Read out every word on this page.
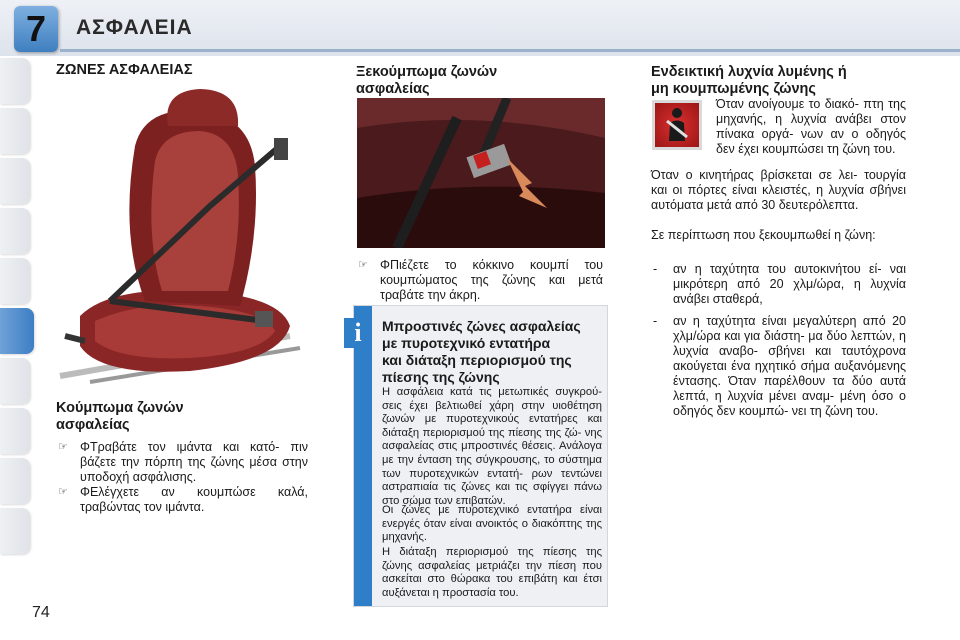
7	ΑΣΦΑΛΕΙΑ
ΖΩΝΕΣ ΑΣΦΑΛΕΙΑΣ
Κούμπωμα ζωνών
ασφαλείας
☞ ΦΤραβάτε τον ιμάντα και κατό- πιν βάζετε την πόρπη της ζώνης μέσα στην υποδοχή ασφάλισης.
☞ ΦΕλέγχετε αν κουμπώσε καλά, τραβώντας τον ιμάντα.
Ξεκούμπωμα ζωνών
ασφαλείας
☞ ΦΠιέζετε το κόκκινο κουμπί του κουμπώματος της ζώνης και μετά τραβάτε την άκρη.
i	Μπροστινές ζώνες ασφαλείας
με πυροτεχνικό εντατήρα
και διάταξη περιορισμού της
πίεσης της ζώνης

Η ασφάλεια κατά τις μετωπικές συγκρού- σεις έχει βελτιωθεί χάρη στην υιοθέτηση ζωνών με πυροτεχνικούς εντατήρες και διάταξη περιορισμού της πίεσης της ζώ- νης ασφαλείας στις μπροστινές θέσεις. Ανάλογα με την ένταση της σύγκρουσης, το σύστημα των πυροτεχνικών εντατή- ρων τεντώνει αστραπιαία τις ζώνες και τις σφίγγει πάνω στο σώμα των επιβατών.

Οι ζώνες με πυροτεχνικό εντατήρα είναι ενεργές όταν είναι ανοικτός ο διακόπτης της μηχανής.

Η διάταξη περιορισμού της πίεσης της ζώνης ασφαλείας μετριάζει την πίεση που ασκείται στο θώρακα του επιβάτη και έτσι αυξάνεται η προστασία του.

Ενδεικτική λυχνία λυμένης ή
μη κουμπωμένης ζώνης

Όταν ανοίγουμε το διακό- πτη της μηχανής, η λυχνία ανάβει στον πίνακα οργά- νων αν ο οδηγός δεν έχει κουμπώσει τη ζώνη του.

Όταν ο κινητήρας βρίσκεται σε λει- τουργία και οι πόρτες είναι κλειστές, η λυχνία σβήνει αυτόματα μετά από 30 δευτερόλεπτα.

Σε περίπτωση που ξεκουμπωθεί η ζώνη:

- αν η ταχύτητα του αυτοκινήτου εί- ναι μικρότερη από 20 χλμ/ώρα, η λυχνία ανάβει σταθερά,
- αν η ταχύτητα είναι μεγαλύτερη από 20 χλμ/ώρα και για διάστη- μα δύο λεπτών, η λυχνία αναβο- σβήνει και ταυτόχρονα ακούγεται ένα ηχητικό σήμα αυξανόμενης έντασης. Όταν παρέλθουν τα δύο αυτά λεπτά, η λυχνία μένει αναμ- μένη όσο ο οδηγός δεν κουμπώ- νει τη ζώνη του.
74
